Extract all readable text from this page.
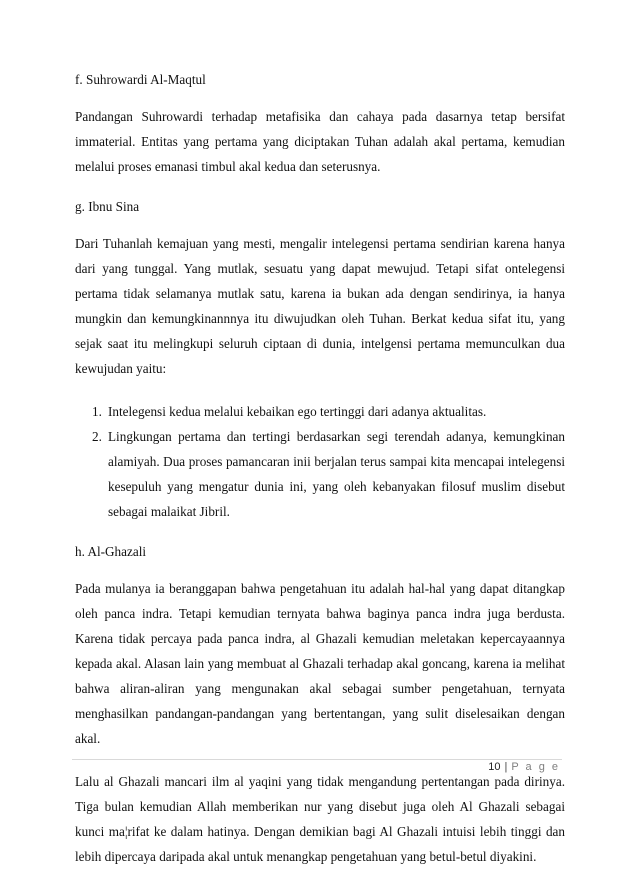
f. Suhrowardi Al-Maqtul

Pandangan Suhrowardi terhadap metafisika dan cahaya pada dasarnya tetap bersifat immaterial. Entitas yang pertama yang diciptakan Tuhan adalah akal pertama, kemudian melalui proses emanasi timbul akal kedua dan seterusnya.

g. Ibnu Sina

Dari Tuhanlah kemajuan yang mesti, mengalir intelegensi pertama sendirian karena hanya dari yang tunggal. Yang mutlak, sesuatu yang dapat mewujud. Tetapi sifat ontelegensi pertama tidak selamanya mutlak satu, karena ia bukan ada dengan sendirinya, ia hanya mungkin dan kemungkinannnya itu diwujudkan oleh Tuhan. Berkat kedua sifat itu, yang sejak saat itu melingkupi seluruh ciptaan di dunia, intelgensi pertama memunculkan dua kewujudan yaitu:

1. Intelegensi kedua melalui kebaikan ego tertinggi dari adanya aktualitas.
2. Lingkungan pertama dan tertingi berdasarkan segi terendah adanya, kemungkinan alamiyah. Dua proses pamancaran inii berjalan terus sampai kita mencapai intelegensi kesepuluh yang mengatur dunia ini, yang oleh kebanyakan filosuf muslim disebut sebagai malaikat Jibril.

h. Al-Ghazali

Pada mulanya ia beranggapan bahwa pengetahuan itu adalah hal-hal yang dapat ditangkap oleh panca indra. Tetapi kemudian ternyata bahwa baginya panca indra juga berdusta. Karena tidak percaya pada panca indra, al Ghazali kemudian meletakan kepercayaannya kepada akal. Alasan lain yang membuat al Ghazali terhadap akal goncang, karena ia melihat bahwa aliran-aliran yang mengunakan akal sebagai sumber pengetahuan, ternyata menghasilkan pandangan-pandangan yang bertentangan, yang sulit diselesaikan dengan akal.

Lalu al Ghazali mancari ilm al yaqini yang tidak mengandung pertentangan pada dirinya. Tiga bulan kemudian Allah memberikan nur yang disebut juga oleh Al Ghazali sebagai kunci ma¦rifat ke dalam hatinya. Dengan demikian bagi Al Ghazali intuisi lebih tinggi dan lebih dipercaya daripada akal untuk menangkap pengetahuan yang betul-betul diyakini.

10 | P a g e
